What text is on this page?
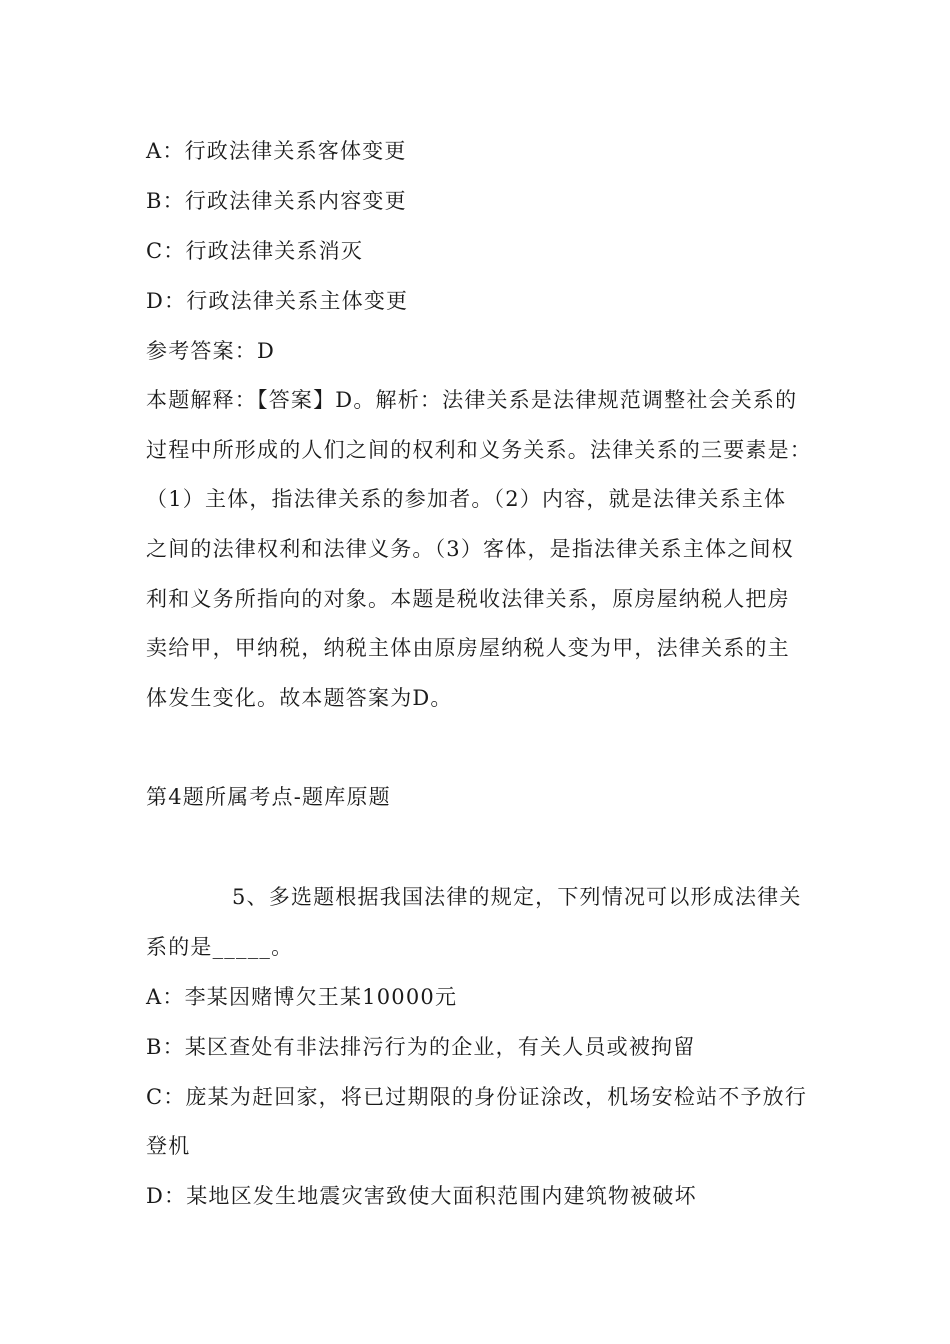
A：行政法律关系客体变更
B：行政法律关系内容变更
C：行政法律关系消灭
D：行政法律关系主体变更
参考答案：D
本题解释：【答案】D。解析：法律关系是法律规范调整社会关系的
过程中所形成的人们之间的权利和义务关系。法律关系的三要素是：
（1）主体，指法律关系的参加者。（2）内容，就是法律关系主体
之间的法律权利和法律义务。（3）客体，是指法律关系主体之间权
利和义务所指向的对象。本题是税收法律关系，原房屋纳税人把房
卖给甲，甲纳税，纳税主体由原房屋纳税人变为甲，法律关系的主
体发生变化。故本题答案为D。
第4题所属考点-题库原题
5、多选题根据我国法律的规定，下列情况可以形成法律关
系的是_____。
A：李某因赌博欠王某10000元
B：某区查处有非法排污行为的企业，有关人员或被拘留
C：庞某为赶回家，将已过期限的身份证涂改，机场安检站不予放行
登机
D：某地区发生地震灾害致使大面积范围内建筑物被破坏
